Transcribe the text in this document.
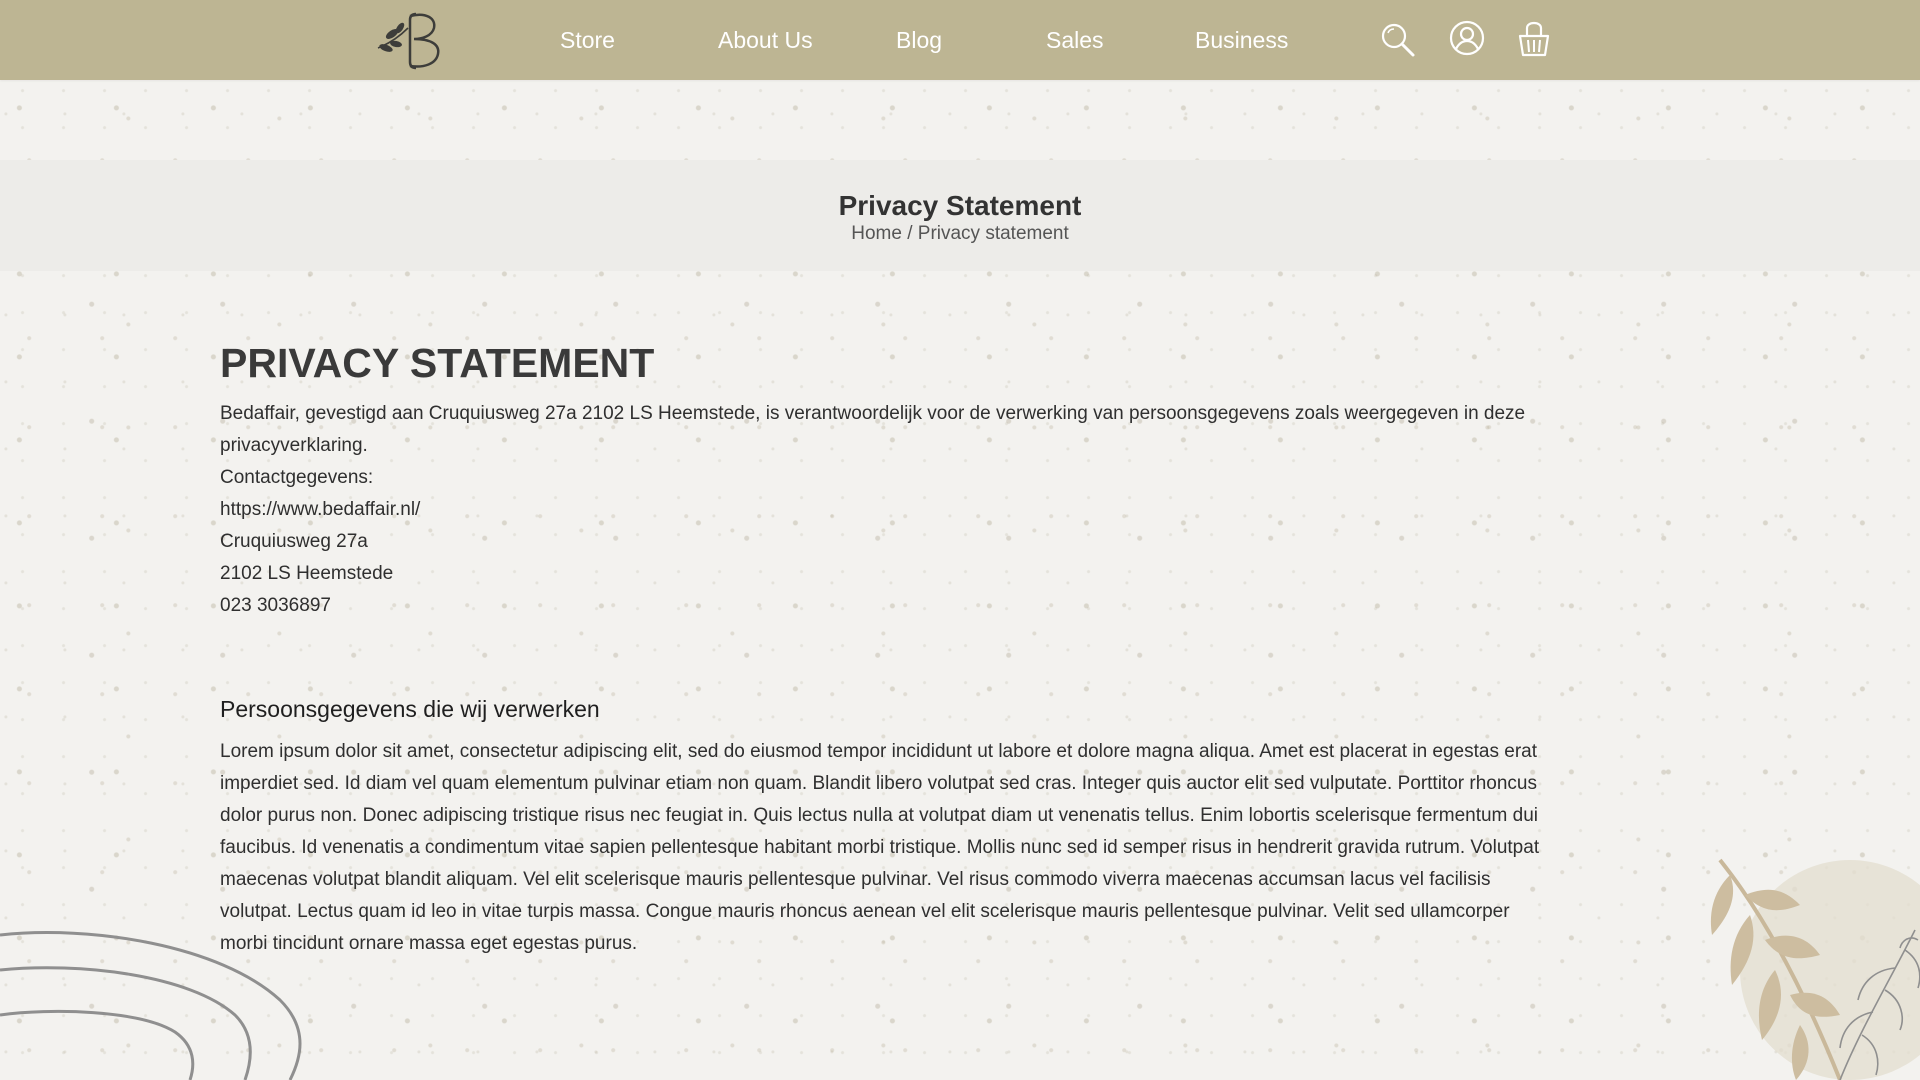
Store	About Us	Blog	Sales	Business
Privacy Statement
Home / Privacy statement
PRIVACY STATEMENT

Bedaffair, gevestigd aan Cruquiusweg 27a 2102 LS Heemstede, is verantwoordelijk voor de verwerking van persoonsgegevens zoals weergegeven in deze privacyverklaring.

Contactgegevens:
https://www.bedaffair.nl/
Cruquiusweg 27a
2102 LS Heemstede
023 3036897
Persoonsgegevens die wij verwerken

Lorem ipsum dolor sit amet, consectetur adipiscing elit, sed do eiusmod tempor incididunt ut labore et dolore magna aliqua. Amet est placerat in egestas erat imperdiet sed. Id diam vel quam elementum pulvinar etiam non quam. Blandit libero volutpat sed cras. Integer quis auctor elit sed vulputate. Porttitor rhoncus dolor purus non. Donec adipiscing tristique risus nec feugiat in. Quis lectus nulla at volutpat diam ut venenatis tellus. Enim lobortis scelerisque fermentum dui faucibus. Id venenatis a condimentum vitae sapien pellentesque habitant morbi tristique. Mollis nunc sed id semper risus in hendrerit gravida rutrum. Volutpat maecenas volutpat blandit aliquam. Vel elit scelerisque mauris pellentesque pulvinar. Vel risus commodo viverra maecenas accumsan lacus vel facilisis volutpat. Lectus quam id leo in vitae turpis massa. Congue mauris rhoncus aenean vel elit scelerisque mauris pellentesque pulvinar. Velit sed ullamcorper morbi tincidunt ornare massa eget egestas purus.
